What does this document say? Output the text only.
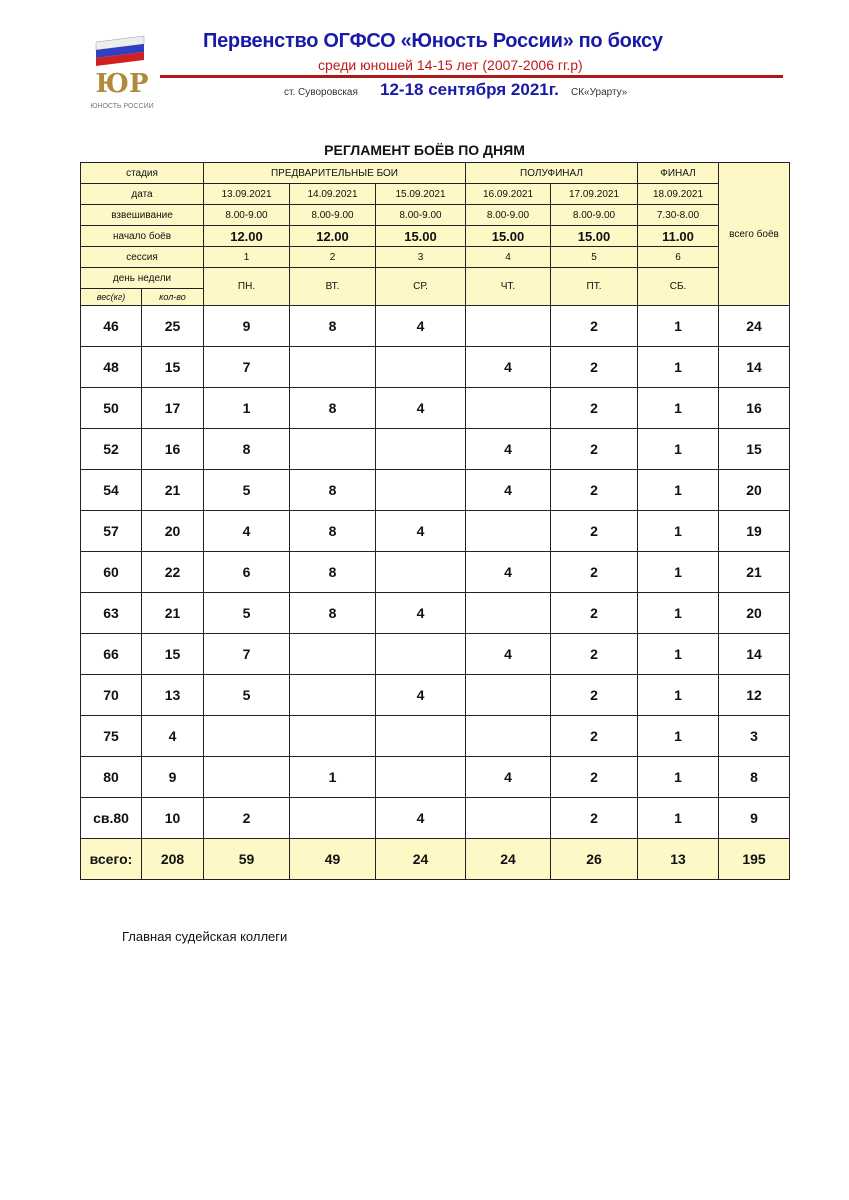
ЮР
ЮНОСТЬ РОССИИ
Первенство ОГФСО «Юность России» по боксу
среди юношей 14-15 лет (2007-2006 гг.р)
ст. Суворовская 12-18 сентября 2021г. СК«Урарту»
РЕГЛАМЕНТ БОЁВ ПО ДНЯМ
стадия		ПРЕДВАРИТЕЛЬНЫЕ БОИ			ПОЛУФИНАЛ		ФИНАЛ	всего боёв
дата		13.09.2021	14.09.2021	15.09.2021	16.09.2021	17.09.2021	18.09.2021	
взвешивание		8.00-9.00	8.00-9.00	8.00-9.00	8.00-9.00	8.00-9.00	7.30-8.00	
начало боёв		12.00	12.00	15.00	15.00	15.00	11.00	
сессия		1	2	3	4	5	6	
день недели		ПН.	ВТ.	СР.	ЧТ.	ПТ.	СБ.	
вес(кг)	кол-во							
46	25	9	8	4		2	1	24
48	15	7			4	2	1	14
50	17	1	8	4		2	1	16
52	16	8			4	2	1	15
54	21	5	8		4	2	1	20
57	20	4	8	4		2	1	19
60	22	6	8		4	2	1	21
63	21	5	8	4		2	1	20
66	15	7			4	2	1	14
70	13	5		4		2	1	12
75	4					2	1	3
80	9		1		4	2	1	8
св.80	10	2		4		2	1	9
всего:	208	59	49	24	24	26	13	195
Главная судейская коллеги
